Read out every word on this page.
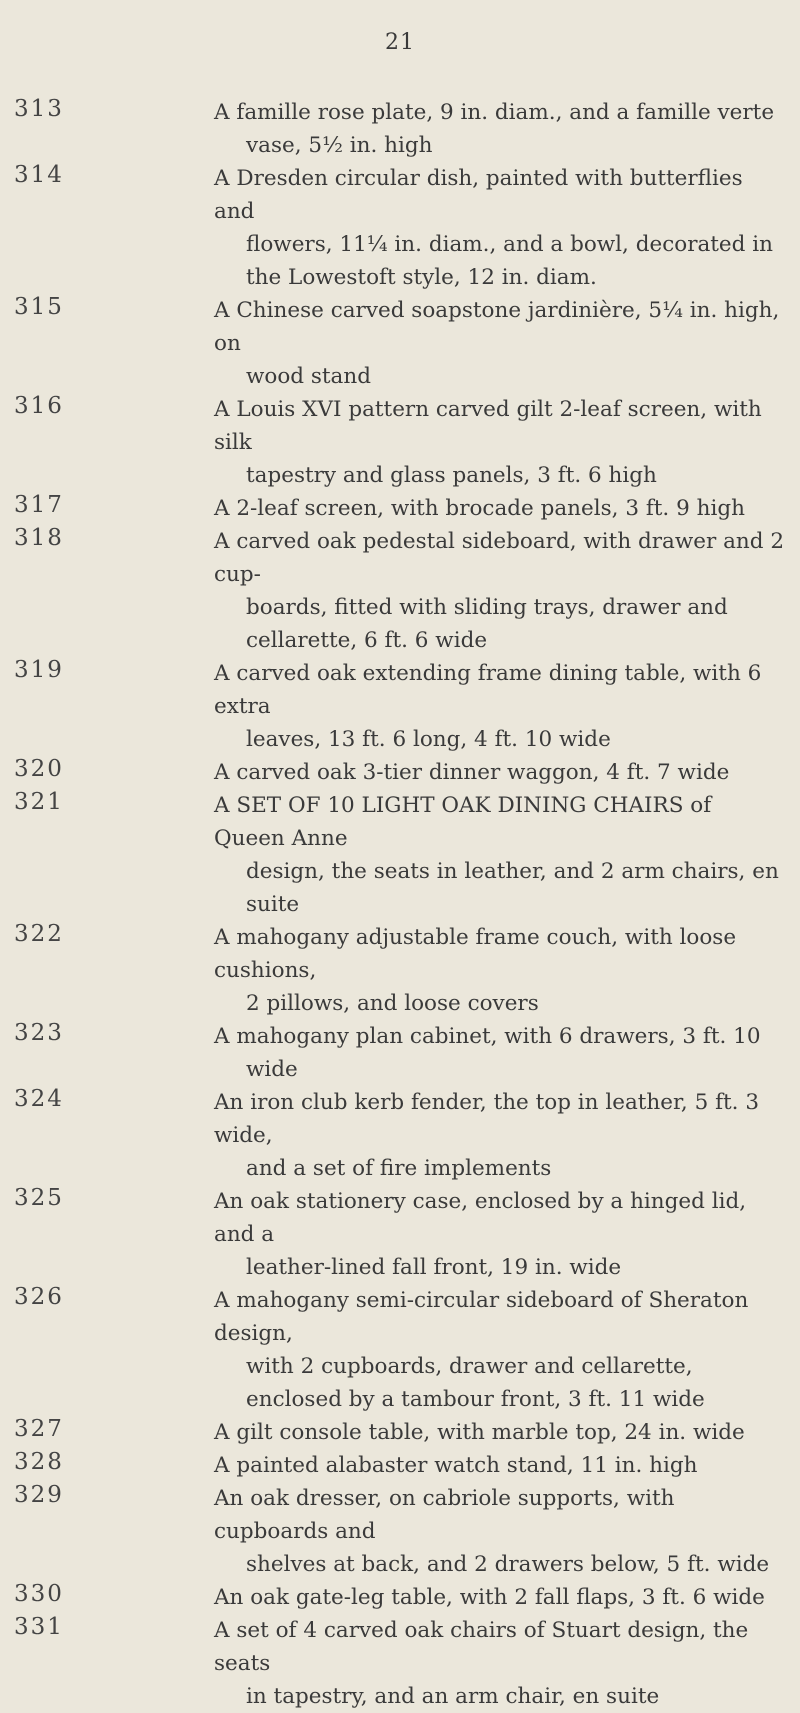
21
313	A famille rose plate, 9 in. diam., and a famille verte
vase, 5½ in. high
314	A Dresden circular dish, painted with butterflies and
flowers, 11¼ in. diam., and a bowl, decorated in the Lowestoft style, 12 in. diam.
315	A Chinese carved soapstone jardinière, 5¼ in. high, on
wood stand
316	A Louis XVI pattern carved gilt 2-leaf screen, with silk
tapestry and glass panels, 3 ft. 6 high
317	A 2-leaf screen, with brocade panels, 3 ft. 9 high
318	A carved oak pedestal sideboard, with drawer and 2 cup-
boards, fitted with sliding trays, drawer and cellarette, 6 ft. 6 wide
319	A carved oak extending frame dining table, with 6 extra
leaves, 13 ft. 6 long, 4 ft. 10 wide
320	A carved oak 3-tier dinner waggon, 4 ft. 7 wide
321	A SET OF 10 LIGHT OAK DINING CHAIRS of Queen Anne
design, the seats in leather, and 2 arm chairs, en suite
322	A mahogany adjustable frame couch, with loose cushions,
2 pillows, and loose covers
323	A mahogany plan cabinet, with 6 drawers, 3 ft. 10
wide
324	An iron club kerb fender, the top in leather, 5 ft. 3 wide,
and a set of fire implements
325	An oak stationery case, enclosed by a hinged lid, and a
leather-lined fall front, 19 in. wide
326	A mahogany semi-circular sideboard of Sheraton design,
with 2 cupboards, drawer and cellarette, enclosed by a tambour front, 3 ft. 11 wide
327	A gilt console table, with marble top, 24 in. wide
328	A painted alabaster watch stand, 11 in. high
329	An oak dresser, on cabriole supports, with cupboards and
shelves at back, and 2 drawers below, 5 ft. wide
330	An oak gate-leg table, with 2 fall flaps, 3 ft. 6 wide
331	A set of 4 carved oak chairs of Stuart design, the seats
in tapestry, and an arm chair, en suite
